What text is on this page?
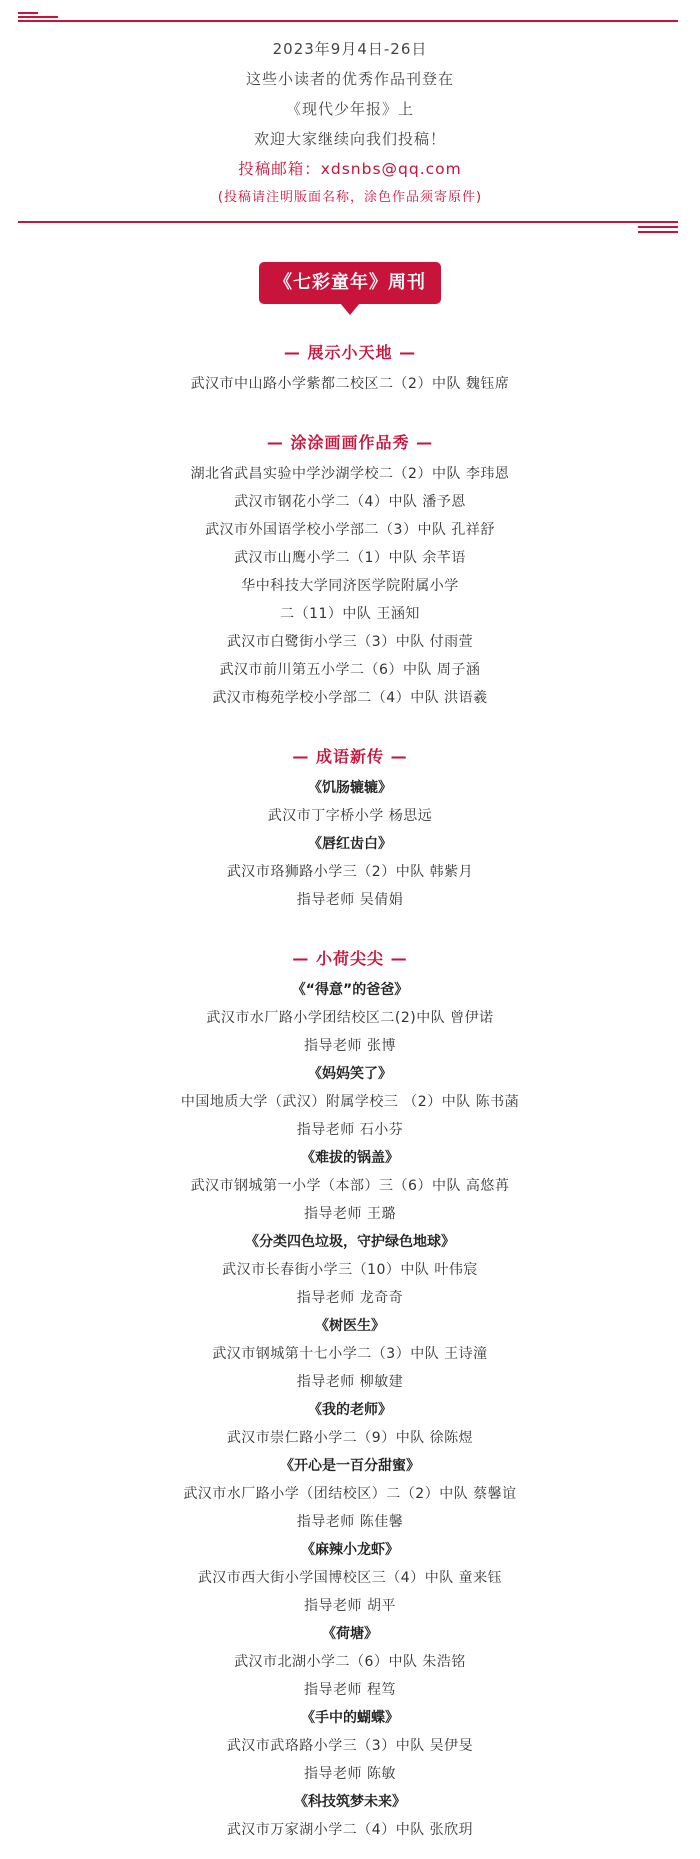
2023年9月4日-26日
这些小读者的优秀作品刊登在
《现代少年报》上
欢迎大家继续向我们投稿！
投稿邮箱：xdsnbs@qq.com
(投稿请注明版面名称，涂色作品须寄原件)
《七彩童年》周刊
— 展示小天地 —
武汉市中山路小学紫都二校区二（2）中队 魏钰席
— 涂涂画画作品秀 —
湖北省武昌实验中学沙湖学校二（2）中队 李玮恩
武汉市钢花小学二（4）中队 潘予恩
武汉市外国语学校小学部二（3）中队 孔祥舒
武汉市山鹰小学二（1）中队 余芊语
华中科技大学同济医学院附属小学
二（11）中队 王涵知
武汉市白鹭街小学三（3）中队 付雨萱
武汉市前川第五小学二（6）中队 周子涵
武汉市梅苑学校小学部二（4）中队 洪语羲
— 成语新传 —
《饥肠辘辘》
武汉市丁字桥小学 杨思远
《唇红齿白》
武汉市珞狮路小学三（2）中队 韩紫月
指导老师 吴倩娟
— 小荷尖尖 —
《“得意”的爸爸》
武汉市水厂路小学团结校区二(2)中队 曾伊诺
指导老师 张博
《妈妈笑了》
中国地质大学（武汉）附属学校三 （2）中队 陈书菡
指导老师 石小芬
《难拔的锅盖》
武汉市钢城第一小学（本部）三（6）中队 高悠苒
指导老师 王璐
《分类四色垃圾，守护绿色地球》
武汉市长春街小学三（10）中队 叶伟宸
指导老师 龙奇奇
《树医生》
武汉市钢城第十七小学二（3）中队 王诗潼
指导老师 柳敏建
《我的老师》
武汉市崇仁路小学二（9）中队 徐陈煜
《开心是一百分甜蜜》
武汉市水厂路小学（团结校区）二（2）中队 蔡馨谊
指导老师 陈佳馨
《麻辣小龙虾》
武汉市西大街小学国博校区三（4）中队 童来钰
指导老师 胡平
《荷塘》
武汉市北湖小学二（6）中队 朱浩铭
指导老师 程笃
《手中的蝴蝶》
武汉市武珞路小学三（3）中队 吴伊旻
指导老师 陈敏
《科技筑梦未来》
武汉市万家湖小学二（4）中队 张欣玥
